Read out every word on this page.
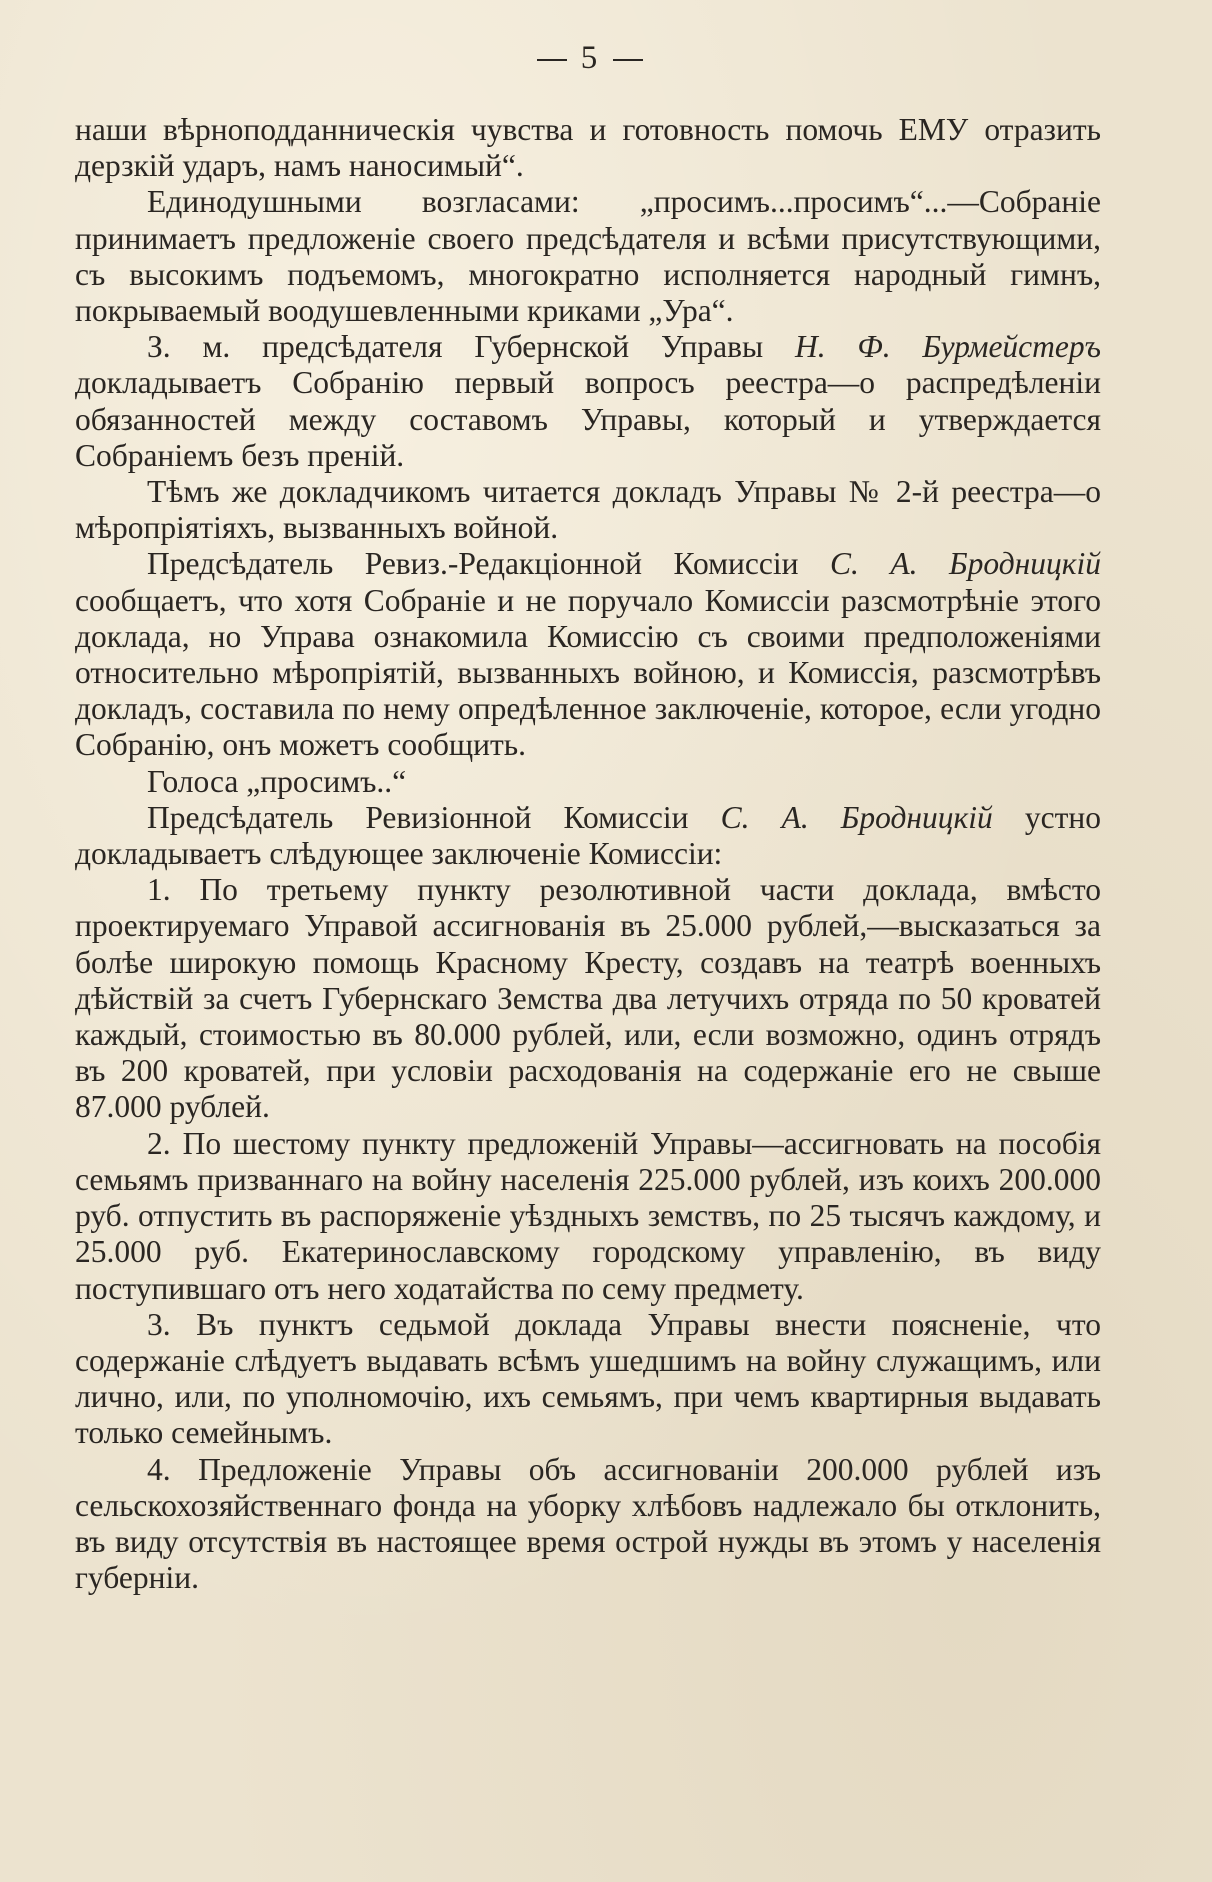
5

наши вѣрноподданническія чувства и готовность помочь ЕМУ отразить дерзкій ударъ, намъ наносимый“.

Единодушными возгласами: „просимъ...просимъ“...—Собраніе принимаетъ предложеніе своего предсѣдателя и всѣми присутствующими, съ высокимъ подъемомъ, многократно исполняется народный гимнъ, покрываемый воодушевленными криками „Ура“.

З. м. предсѣдателя Губернской Управы Н. Ф. Бурмейстеръ докладываетъ Собранію первый вопросъ реестра—о распредѣленіи обязанностей между составомъ Управы, который и утверждается Собраніемъ безъ преній.

Тѣмъ же докладчикомъ читается докладъ Управы № 2-й реестра—о мѣропріятіяхъ, вызванныхъ войной.

Предсѣдатель Ревиз.-Редакціонной Комиссіи С. А. Бродницкій сообщаетъ, что хотя Собраніе и не поручало Комиссіи разсмотрѣніе этого доклада, но Управа ознакомила Комиссію съ своими предположеніями относительно мѣропріятій, вызванныхъ войною, и Комиссія, разсмотрѣвъ докладъ, составила по нему опредѣленное заключеніе, которое, если угодно Собранію, онъ можетъ сообщить.

Голоса „просимъ..“

Предсѣдатель Ревизіонной Комиссіи С. А. Бродницкій устно докладываетъ слѣдующее заключеніе Комиссіи:

1. По третьему пункту резолютивной части доклада, вмѣсто проектируемаго Управой ассигнованія въ 25.000 рублей,—высказаться за болѣе широкую помощь Красному Кресту, создавъ на театрѣ военныхъ дѣйствій за счетъ Губернскаго Земства два летучихъ отряда по 50 кроватей каждый, стоимостью въ 80.000 рублей, или, если возможно, одинъ отрядъ въ 200 кроватей, при условіи расходованія на содержаніе его не свыше 87.000 рублей.

2. По шестому пункту предложеній Управы—ассигновать на пособія семьямъ призваннаго на войну населенія 225.000 рублей, изъ коихъ 200.000 руб. отпустить въ распоряженіе уѣздныхъ земствъ, по 25 тысячъ каждому, и 25.000 руб. Екатеринославскому городскому управленію, въ виду поступившаго отъ него ходатайства по сему предмету.

3. Въ пунктъ седьмой доклада Управы внести поясненіе, что содержаніе слѣдуетъ выдавать всѣмъ ушедшимъ на войну служащимъ, или лично, или, по уполномочію, ихъ семьямъ, при чемъ квартирныя выдавать только семейнымъ.

4. Предложеніе Управы объ ассигнованіи 200.000 рублей изъ сельскохозяйственнаго фонда на уборку хлѣбовъ надлежало бы отклонить, въ виду отсутствія въ настоящее время острой нужды въ этомъ у населенія губерніи.
